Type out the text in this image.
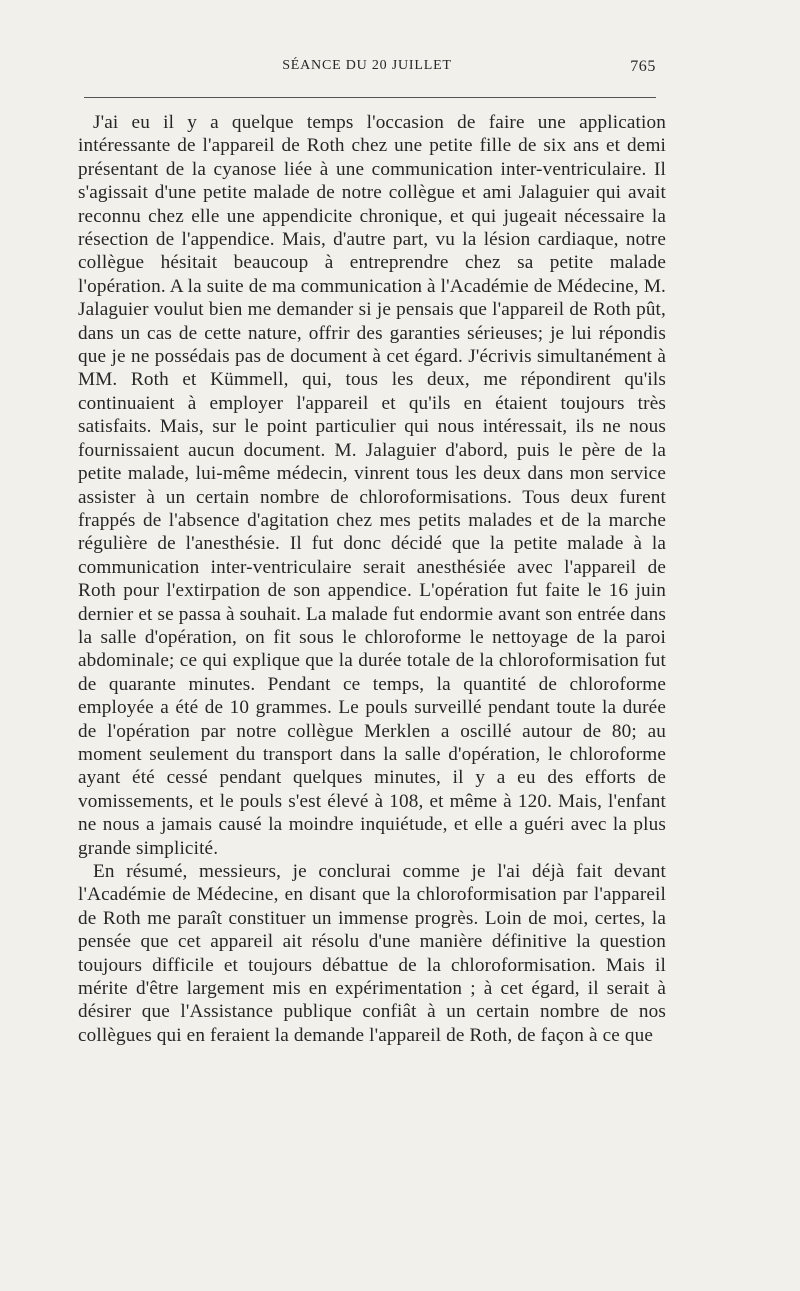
SÉANCE DU 20 JUILLET	765

J'ai eu il y a quelque temps l'occasion de faire une application intéressante de l'appareil de Roth chez une petite fille de six ans et demi présentant de la cyanose liée à une communication inter-ventriculaire. Il s'agissait d'une petite malade de notre collègue et ami Jalaguier qui avait reconnu chez elle une appendicite chronique, et qui jugeait nécessaire la résection de l'appendice. Mais, d'autre part, vu la lésion cardiaque, notre collègue hésitait beaucoup à entreprendre chez sa petite malade l'opération. A la suite de ma communication à l'Académie de Médecine, M. Jalaguier voulut bien me demander si je pensais que l'appareil de Roth pût, dans un cas de cette nature, offrir des garanties sérieuses; je lui répondis que je ne possédais pas de document à cet égard. J'écrivis simultanément à MM. Roth et Kümmell, qui, tous les deux, me répondirent qu'ils continuaient à employer l'appareil et qu'ils en étaient toujours très satisfaits. Mais, sur le point particulier qui nous intéressait, ils ne nous fournissaient aucun document. M. Jalaguier d'abord, puis le père de la petite malade, lui-même médecin, vinrent tous les deux dans mon service assister à un certain nombre de chloroformisations. Tous deux furent frappés de l'absence d'agitation chez mes petits malades et de la marche régulière de l'anesthésie. Il fut donc décidé que la petite malade à la communication inter-ventriculaire serait anesthésiée avec l'appareil de Roth pour l'extirpation de son appendice. L'opération fut faite le 16 juin dernier et se passa à souhait. La malade fut endormie avant son entrée dans la salle d'opération, on fit sous le chloroforme le nettoyage de la paroi abdominale; ce qui explique que la durée totale de la chloroformisation fut de quarante minutes. Pendant ce temps, la quantité de chloroforme employée a été de 10 grammes. Le pouls surveillé pendant toute la durée de l'opération par notre collègue Merklen a oscillé autour de 80; au moment seulement du transport dans la salle d'opération, le chloroforme ayant été cessé pendant quelques minutes, il y a eu des efforts de vomissements, et le pouls s'est élevé à 108, et même à 120. Mais, l'enfant ne nous a jamais causé la moindre inquiétude, et elle a guéri avec la plus grande simplicité.

En résumé, messieurs, je conclurai comme je l'ai déjà fait devant l'Académie de Médecine, en disant que la chloroformisation par l'appareil de Roth me paraît constituer un immense progrès. Loin de moi, certes, la pensée que cet appareil ait résolu d'une manière définitive la question toujours difficile et toujours débattue de la chloroformisation. Mais il mérite d'être largement mis en expérimentation ; à cet égard, il serait à désirer que l'Assistance publique confiât à un certain nombre de nos collègues qui en feraient la demande l'appareil de Roth, de façon à ce que
